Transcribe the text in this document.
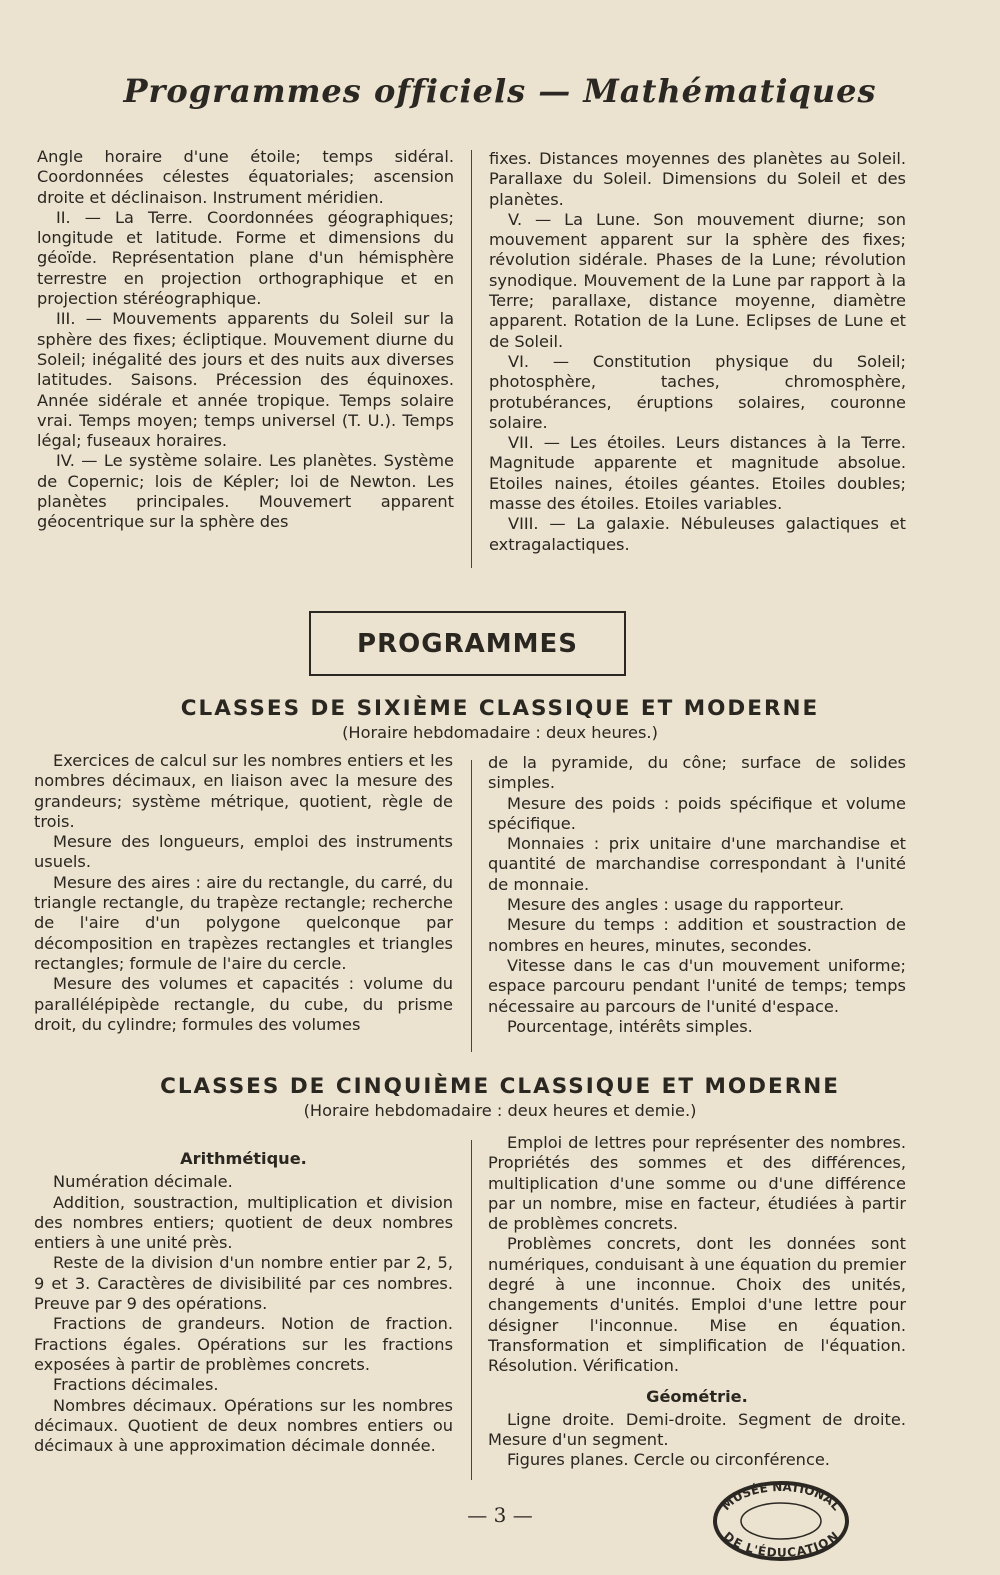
Programmes officiels — Mathématiques

Angle horaire d'une étoile; temps sidéral. Coordonnées célestes équatoriales; ascension droite et déclinaison. Instrument méridien.

II. — La Terre. Coordonnées géographiques; longitude et latitude. Forme et dimensions du géoïde. Représentation plane d'un hémisphère terrestre en projection orthographique et en projection stéréographique.

III. — Mouvements apparents du Soleil sur la sphère des fixes; écliptique. Mouvement diurne du Soleil; inégalité des jours et des nuits aux diverses latitudes. Saisons. Précession des équinoxes. Année sidérale et année tropique. Temps solaire vrai. Temps moyen; temps universel (T. U.). Temps légal; fuseaux horaires.

IV. — Le système solaire. Les planètes. Système de Copernic; lois de Képler; loi de Newton. Les planètes principales. Mouvemert apparent géocentrique sur la sphère des

fixes. Distances moyennes des planètes au Soleil. Parallaxe du Soleil. Dimensions du Soleil et des planètes.

V. — La Lune. Son mouvement diurne; son mouvement apparent sur la sphère des fixes; révolution sidérale. Phases de la Lune; révolution synodique. Mouvement de la Lune par rapport à la Terre; parallaxe, distance moyenne, diamètre apparent. Rotation de la Lune. Eclipses de Lune et de Soleil.

VI. — Constitution physique du Soleil; photosphère, taches, chromosphère, protubérances, éruptions solaires, couronne solaire.

VII. — Les étoiles. Leurs distances à la Terre. Magnitude apparente et magnitude absolue. Etoiles naines, étoiles géantes. Etoiles doubles; masse des étoiles. Etoiles variables.

VIII. — La galaxie. Nébuleuses galactiques et extragalactiques.

PROGRAMMES
CLASSES DE SIXIÈME CLASSIQUE ET MODERNE
(Horaire hebdomadaire : deux heures.)

Exercices de calcul sur les nombres entiers et les nombres décimaux, en liaison avec la mesure des grandeurs; système métrique, quotient, règle de trois.

Mesure des longueurs, emploi des instruments usuels.

Mesure des aires : aire du rectangle, du carré, du triangle rectangle, du trapèze rectangle; recherche de l'aire d'un polygone quelconque par décomposition en trapèzes rectangles et triangles rectangles; formule de l'aire du cercle.

Mesure des volumes et capacités : volume du parallélépipède rectangle, du cube, du prisme droit, du cylindre; formules des volumes

de la pyramide, du cône; surface de solides simples.

Mesure des poids : poids spécifique et volume spécifique.

Monnaies : prix unitaire d'une marchandise et quantité de marchandise correspondant à l'unité de monnaie.

Mesure des angles : usage du rapporteur.

Mesure du temps : addition et soustraction de nombres en heures, minutes, secondes.

Vitesse dans le cas d'un mouvement uniforme; espace parcouru pendant l'unité de temps; temps nécessaire au parcours de l'unité d'espace.

Pourcentage, intérêts simples.

CLASSES DE CINQUIÈME CLASSIQUE ET MODERNE
(Horaire hebdomadaire : deux heures et demie.)

Arithmétique.

Numération décimale.

Addition, soustraction, multiplication et division des nombres entiers; quotient de deux nombres entiers à une unité près.

Reste de la division d'un nombre entier par 2, 5, 9 et 3. Caractères de divisibilité par ces nombres. Preuve par 9 des opérations.

Fractions de grandeurs. Notion de fraction. Fractions égales. Opérations sur les fractions exposées à partir de problèmes concrets.

Fractions décimales.

Nombres décimaux. Opérations sur les nombres décimaux. Quotient de deux nombres entiers ou décimaux à une approximation décimale donnée.

Emploi de lettres pour représenter des nombres. Propriétés des sommes et des différences, multiplication d'une somme ou d'une différence par un nombre, mise en facteur, étudiées à partir de problèmes concrets.

Problèmes concrets, dont les données sont numériques, conduisant à une équation du premier degré à une inconnue. Choix des unités, changements d'unités. Emploi d'une lettre pour désigner l'inconnue. Mise en équation. Transformation et simplification de l'équation. Résolution. Vérification.

Géométrie.

Ligne droite. Demi-droite. Segment de droite. Mesure d'un segment.

Figures planes. Cercle ou circonférence.

— 3 —	MUSÉE NATIONAL
DE L'ÉDUCATION
